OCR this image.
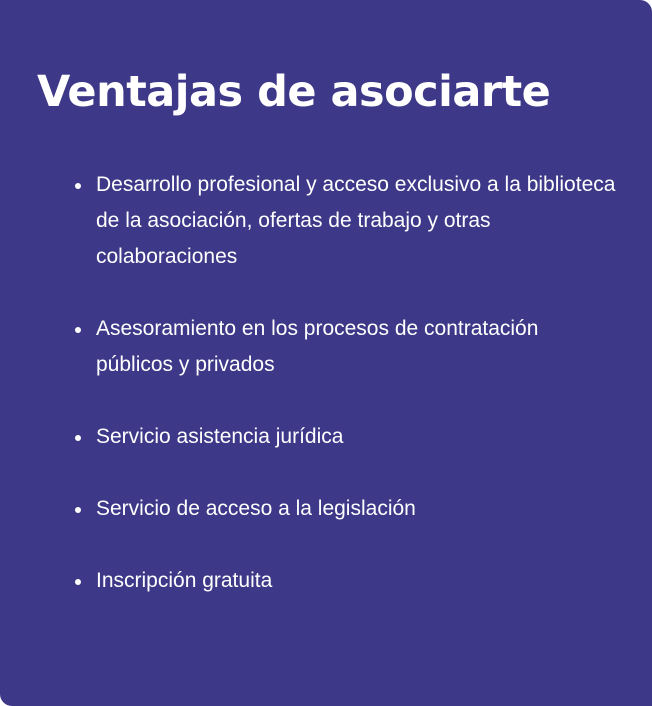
Ventajas de asociarte
Desarrollo profesional y acceso exclusivo a la biblioteca de la asociación, ofertas de trabajo y otras colaboraciones
Asesoramiento en los procesos de contratación públicos y privados
Servicio asistencia jurídica
Servicio de acceso a la legislación
Inscripción gratuita
